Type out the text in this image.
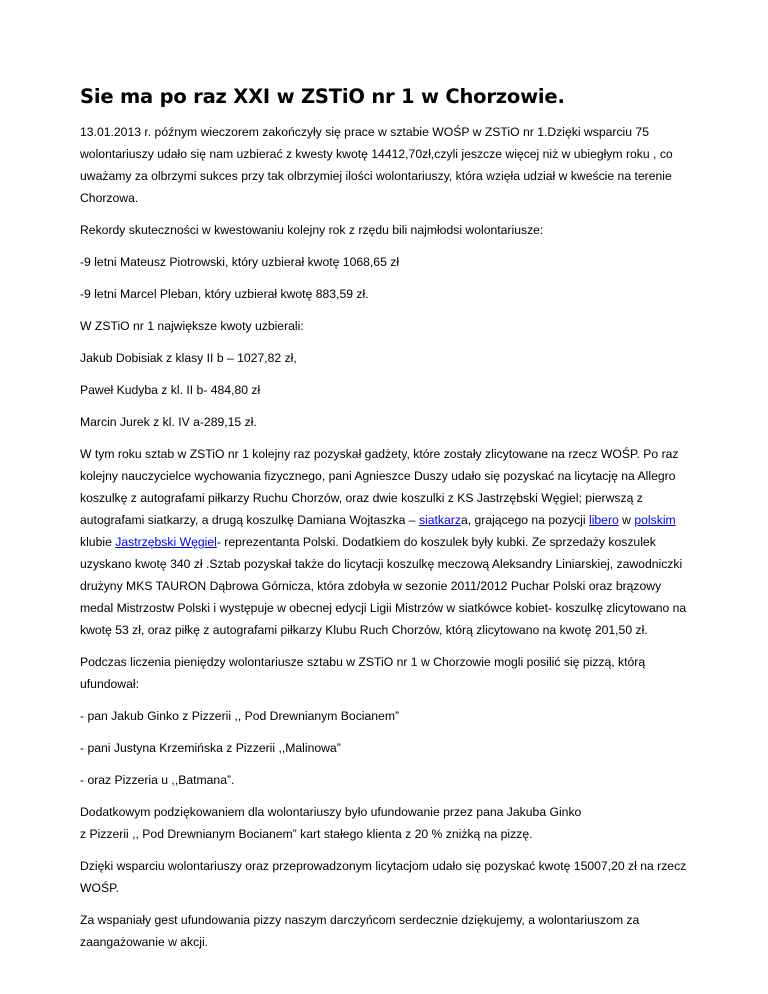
Sie ma po raz XXI w ZSTiO nr 1 w Chorzowie.

13.01.2013 r. późnym wieczorem zakończyły się prace w sztabie WOŚP w ZSTiO nr 1.Dzięki wsparciu 75 wolontariuszy udało się nam uzbierać z kwesty kwotę 14412,70zł,czyli jeszcze więcej niż w ubiegłym roku , co uważamy za olbrzymi sukces przy tak olbrzymiej ilości wolontariuszy, która wzięła udział w kweście na terenie Chorzowa.

Rekordy skuteczności w kwestowaniu kolejny rok z rzędu bili najmłodsi wolontariusze:

-9 letni Mateusz Piotrowski, który uzbierał kwotę 1068,65 zł

-9 letni Marcel Pleban, który uzbierał kwotę 883,59 zł.

W ZSTiO nr 1 największe kwoty uzbierali:

Jakub Dobisiak z klasy II b – 1027,82 zł,

Paweł Kudyba z kl. II b- 484,80 zł

Marcin Jurek z kl. IV a-289,15 zł.

W tym roku sztab w ZSTiO nr 1 kolejny raz pozyskał gadżety, które zostały zlicytowane na rzecz WOŚP. Po raz kolejny nauczycielce wychowania fizycznego, pani Agnieszce Duszy udało się pozyskać na licytację na Allegro koszulkę z autografami piłkarzy Ruchu Chorzów, oraz dwie koszulki z KS Jastrzębski Węgiel; pierwszą z autografami siatkarzy, a drugą koszulkę Damiana Wojtaszka – siatkarza, grającego na pozycji libero w polskim klubie Jastrzębski Węgiel- reprezentanta Polski. Dodatkiem do koszulek były kubki. Ze sprzedaży koszulek uzyskano kwotę 340 zł .Sztab pozyskał także do licytacji koszulkę meczową Aleksandry Liniarskiej, zawodniczki drużyny MKS TAURON Dąbrowa Górnicza, która zdobyła w sezonie 2011/2012 Puchar Polski oraz brązowy medal Mistrzostw Polski i występuje w obecnej edycji Ligii Mistrzów w siatkówce kobiet- koszulkę zlicytowano na kwotę 53 zł, oraz piłkę z autografami piłkarzy Klubu Ruch Chorzów, którą zlicytowano na kwotę 201,50 zł.

Podczas liczenia pieniędzy wolontariusze sztabu w ZSTiO nr 1 w Chorzowie mogli posilić się pizzą, którą ufundował:

- pan Jakub Ginko z Pizzerii ,, Pod Drewnianym Bocianem”

- pani Justyna Krzemińska z Pizzerii ,,Malinowa”

- oraz Pizzeria u ,,Batmana”.

Dodatkowym podziękowaniem dla wolontariuszy było ufundowanie przez pana Jakuba Ginko
z Pizzerii ,, Pod Drewnianym Bocianem” kart stałego klienta z 20 % zniżką na pizzę.

Dzięki wsparciu wolontariuszy oraz przeprowadzonym licytacjom udało się pozyskać kwotę 15007,20 zł na rzecz WOŚP.

Za wspaniały gest ufundowania pizzy naszym darczyńcom serdecznie dziękujemy, a wolontariuszom za zaangażowanie w akcji.
